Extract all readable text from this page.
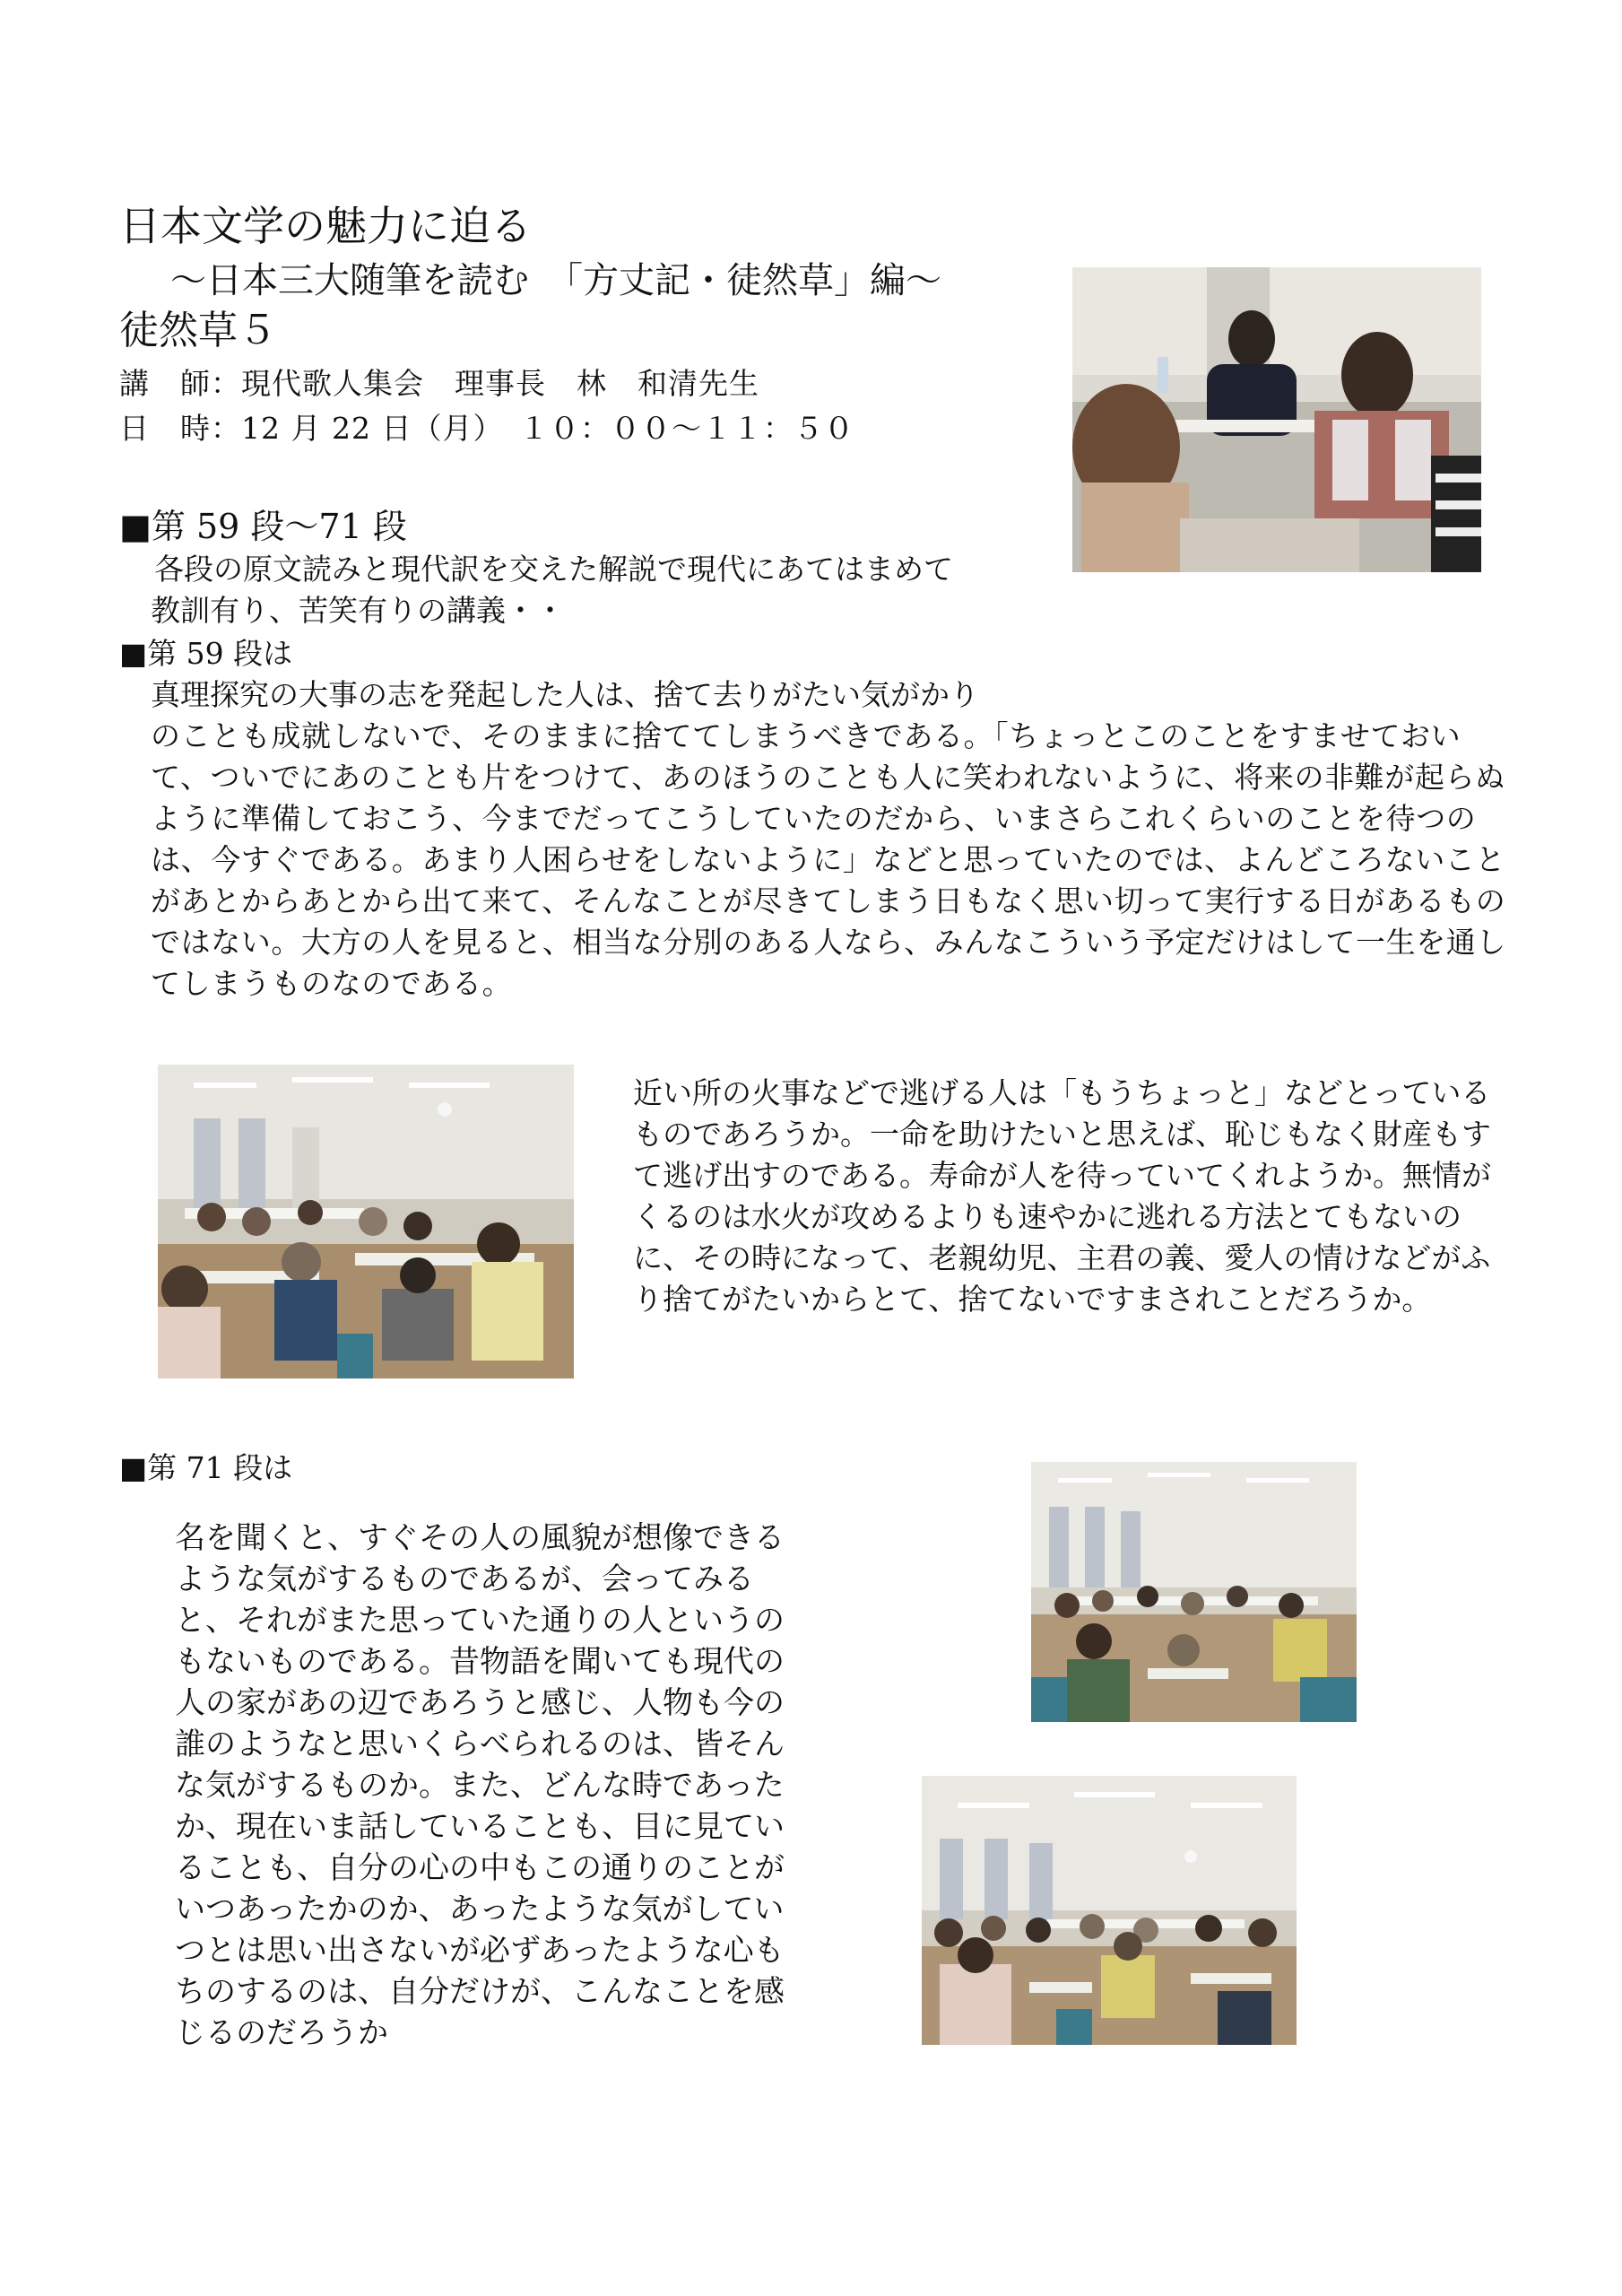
日本文学の魅力に迫る
～日本三大随筆を読む　「方丈記・徒然草」編～
徒然草５
講　師：現代歌人集会　理事長　林　和清先生
日　時：12 月 22 日（月）　１０：００～１１：５０
■第 59 段～71 段
各段の原文読みと現代訳を交えた解説で現代にあてはまめて
教訓有り、苦笑有りの講義・・
■第 59 段は
真理探究の大事の志を発起した人は、捨て去りがたい気がかり
のことも成就しないで、そのままに捨ててしまうべきである。「ちょっとこのことをすませておいて、ついでにあのことも片をつけて、あのほうのことも人に笑われないように、将来の非難が起らぬように準備しておこう、今までだってこうしていたのだから、いまさらこれくらいのことを待つのは、今すぐである。あまり人困らせをしないように」などと思っていたのでは、よんどころないことがあとからあとから出て来て、そんなことが尽きてしまう日もなく思い切って実行する日があるものではない。大方の人を見ると、相当な分別のある人なら、みんなこういう予定だけはして一生を通してしまうものなのである。
近い所の火事などで逃げる人は「もうちょっと」などとっているものであろうか。一命を助けたいと思えば、恥じもなく財産もすて逃げ出すのである。寿命が人を待っていてくれようか。無情がくるのは水火が攻めるよりも速やかに逃れる方法とてもないのに、その時になって、老親幼児、主君の義、愛人の情けなどがふり捨てがたいからとて、捨てないですまされことだろうか。
■第 71 段は
名を聞くと、すぐその人の風貌が想像できるような気がするものであるが、会ってみると、それがまた思っていた通りの人というのもないものである。昔物語を聞いても現代の人の家があの辺であろうと感じ、人物も今の誰のようなと思いくらべられるのは、皆そんな気がするものか。また、どんな時であったか、現在いま話していることも、目に見ていることも、自分の心の中もこの通りのことがいつあったかのか、あったような気がしていつとは思い出さないが必ずあったような心もちのするのは、自分だけが、こんなことを感じるのだろうか
